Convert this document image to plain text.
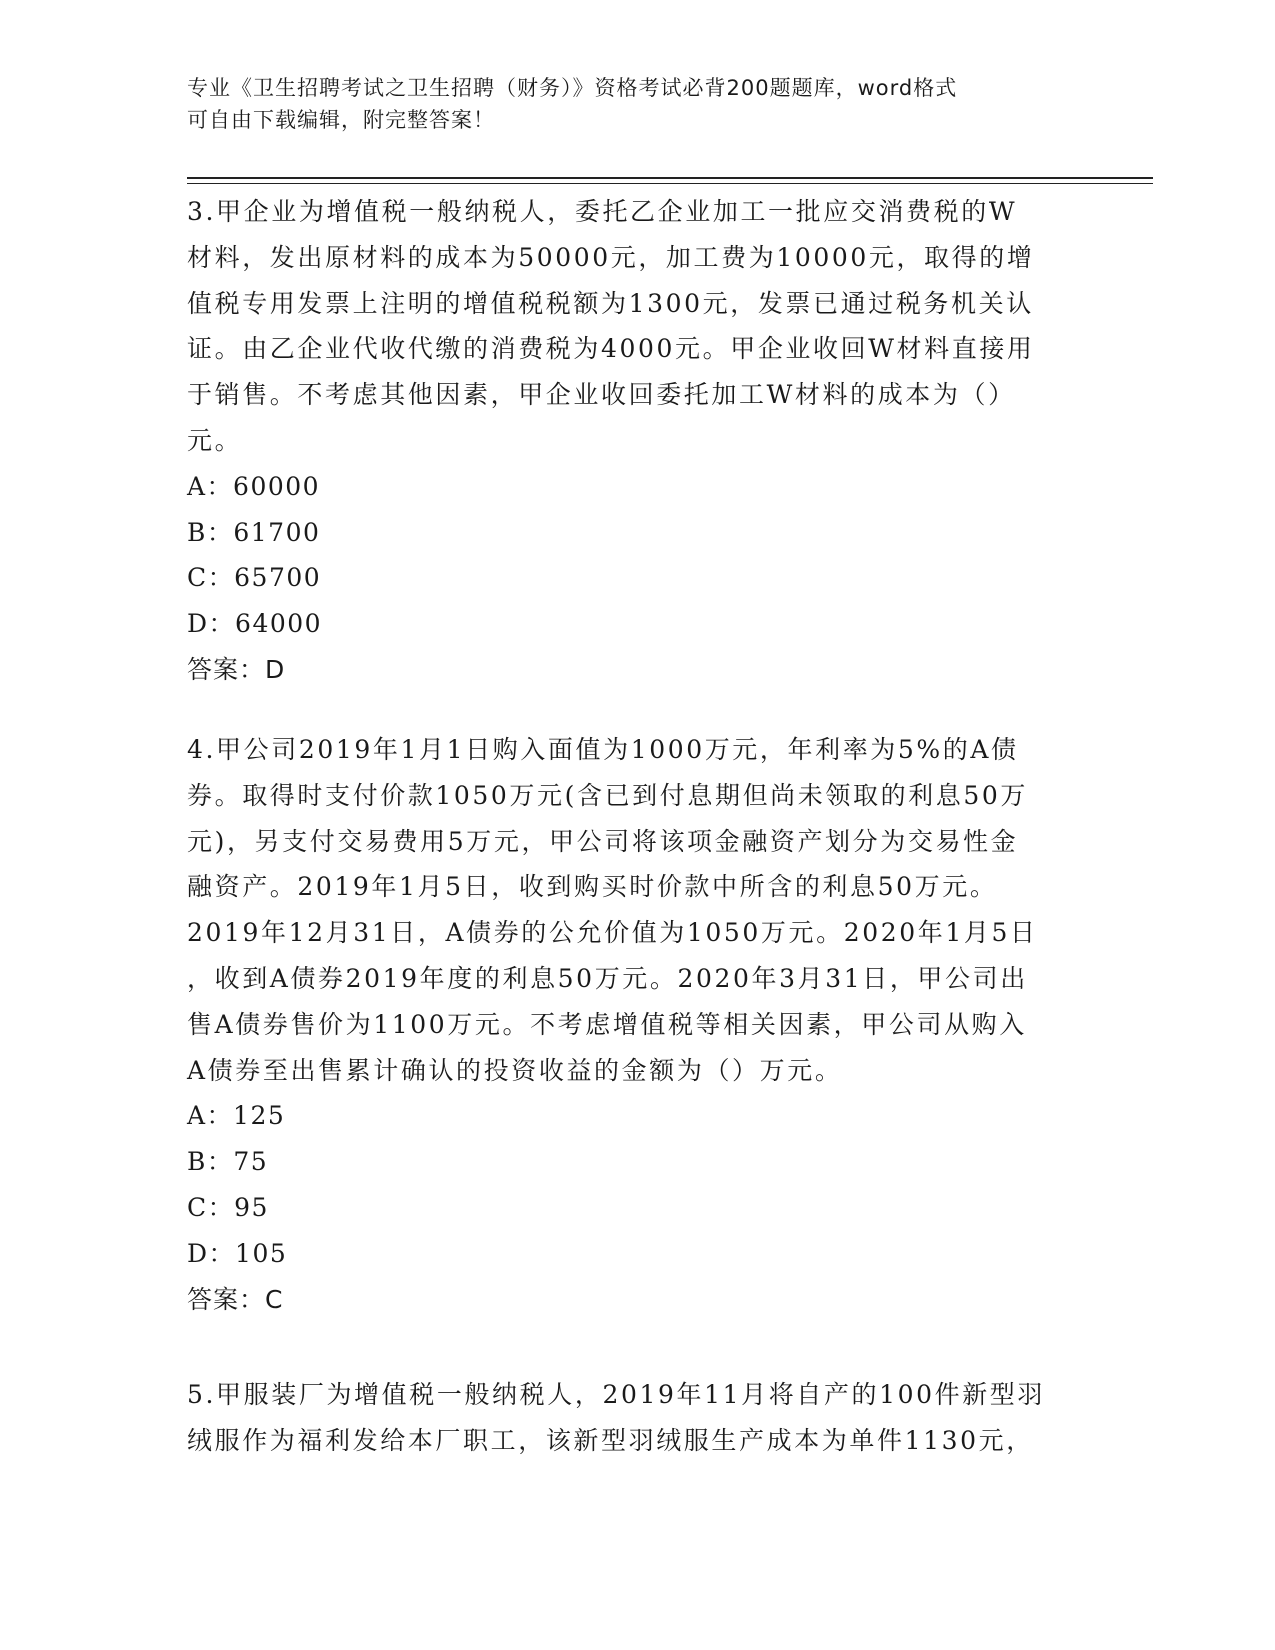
专业《卫生招聘考试之卫生招聘（财务）》资格考试必背200题题库，word格式
可自由下载编辑，附完整答案！

3.甲企业为增值税一般纳税人，委托乙企业加工一批应交消费税的W

材料，发出原材料的成本为50000元，加工费为10000元，取得的增

值税专用发票上注明的增值税税额为1300元，发票已通过税务机关认

证。由乙企业代收代缴的消费税为4000元。甲企业收回W材料直接用

于销售。不考虑其他因素，甲企业收回委托加工W材料的成本为（）

元。

A：60000

B：61700

C：65700

D：64000

答案：D

4.甲公司2019年1月1日购入面值为1000万元，年利率为5%的A债

券。取得时支付价款1050万元(含已到付息期但尚未领取的利息50万

元)，另支付交易费用5万元，甲公司将该项金融资产划分为交易性金

融资产。2019年1月5日，收到购买时价款中所含的利息50万元。

2019年12月31日，A债券的公允价值为1050万元。2020年1月5日

，收到A债券2019年度的利息50万元。2020年3月31日，甲公司出

售A债券售价为1100万元。不考虑增值税等相关因素，甲公司从购入

A债券至出售累计确认的投资收益的金额为（）万元。

A：125

B：75

C：95

D：105

答案：C

5.甲服装厂为增值税一般纳税人，2019年11月将自产的100件新型羽

绒服作为福利发给本厂职工，该新型羽绒服生产成本为单件1130元，
